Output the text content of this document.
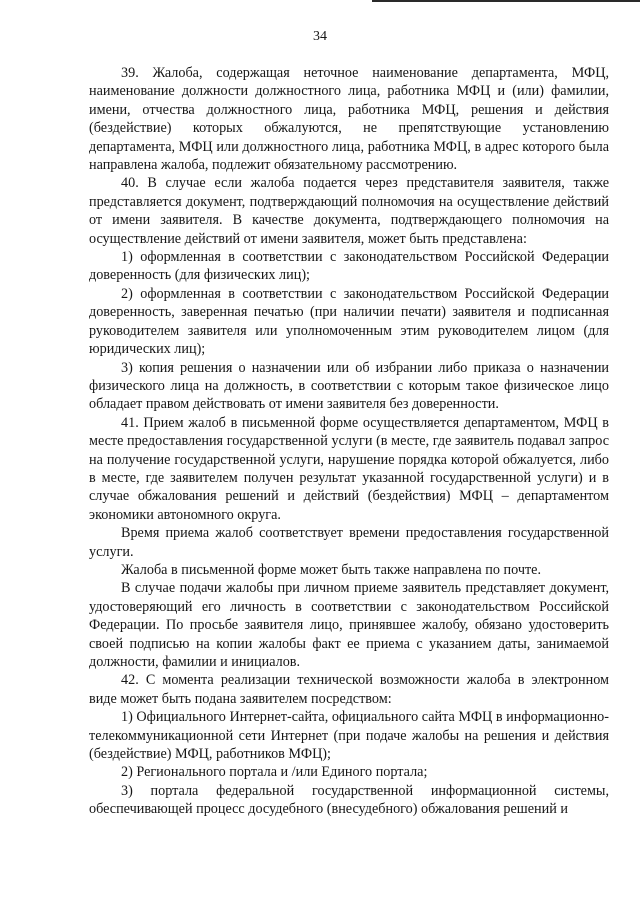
34

39. Жалоба, содержащая неточное наименование департамента, МФЦ, наименование должности должностного лица, работника МФЦ и (или) фамилии, имени, отчества должностного лица, работника МФЦ, решения и действия (бездействие) которых обжалуются, не препятствующие установлению департамента, МФЦ или должностного лица, работника МФЦ, в адрес которого была направлена жалоба, подлежит обязательному рассмотрению.

40. В случае если жалоба подается через представителя заявителя, также представляется документ, подтверждающий полномочия на осуществление действий от имени заявителя. В качестве документа, подтверждающего полномочия на осуществление действий от имени заявителя, может быть представлена:

1) оформленная в соответствии с законодательством Российской Федерации доверенность (для физических лиц);

2) оформленная в соответствии с законодательством Российской Федерации доверенность, заверенная печатью (при наличии печати) заявителя и подписанная руководителем заявителя или уполномоченным этим руководителем лицом (для юридических лиц);

3) копия решения о назначении или об избрании либо приказа о назначении физического лица на должность, в соответствии с которым такое физическое лицо обладает правом действовать от имени заявителя без доверенности.

41. Прием жалоб в письменной форме осуществляется департаментом, МФЦ в месте предоставления государственной услуги (в месте, где заявитель подавал запрос на получение государственной услуги, нарушение порядка которой обжалуется, либо в месте, где заявителем получен результат указанной государственной услуги) и в случае обжалования решений и действий (бездействия) МФЦ – департаментом экономики автономного округа.

Время приема жалоб соответствует времени предоставления государственной услуги.

Жалоба в письменной форме может быть также направлена по почте.

В случае подачи жалобы при личном приеме заявитель представляет документ, удостоверяющий его личность в соответствии с законодательством Российской Федерации. По просьбе заявителя лицо, принявшее жалобу, обязано удостоверить своей подписью на копии жалобы факт ее приема с указанием даты, занимаемой должности, фамилии и инициалов.

42. С момента реализации технической возможности жалоба в электронном виде может быть подана заявителем посредством:

1) Официального Интернет-сайта, официального сайта МФЦ в информационно-телекоммуникационной сети Интернет (при подаче жалобы на решения и действия (бездействие) МФЦ, работников МФЦ);

2) Регионального портала и /или Единого портала;

3) портала федеральной государственной информационной системы, обеспечивающей процесс досудебного (внесудебного) обжалования решений и
